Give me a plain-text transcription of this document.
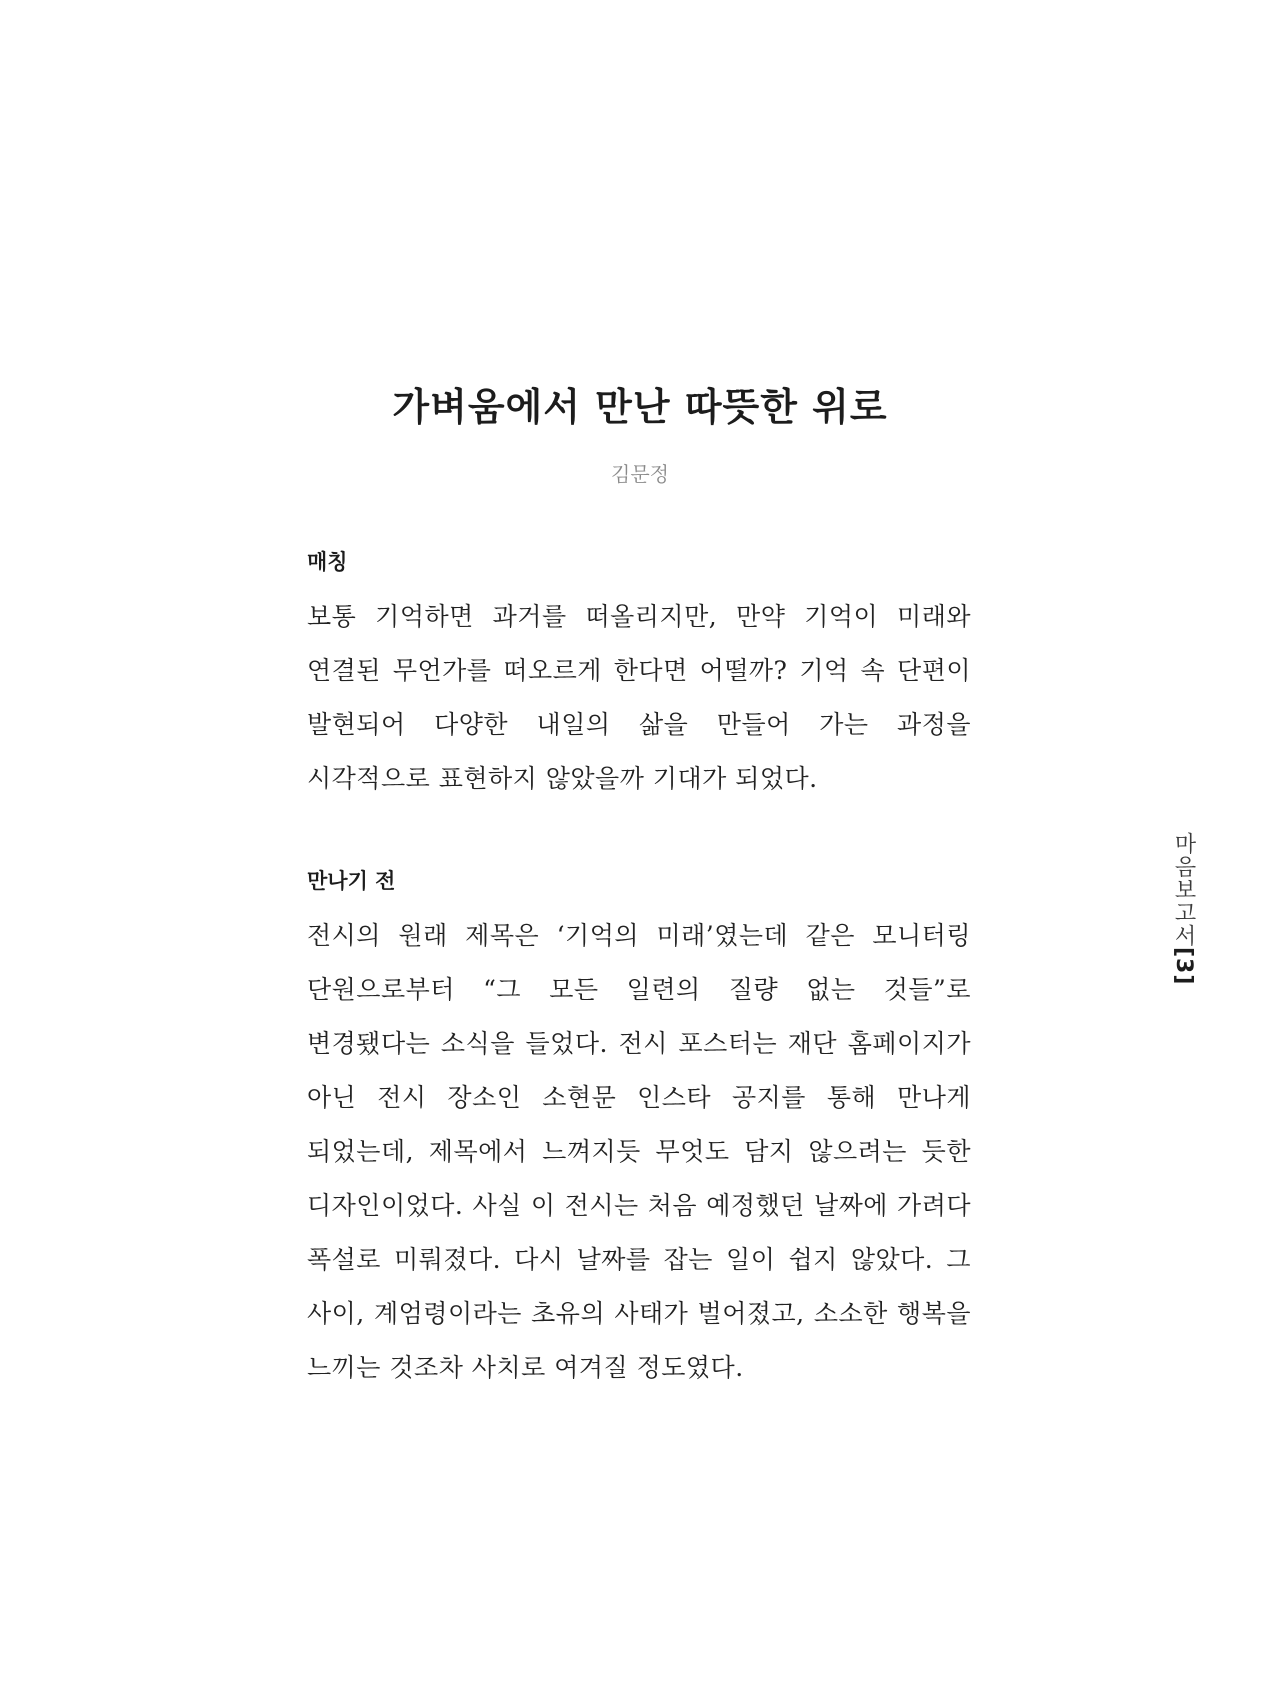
가벼움에서 만난 따뜻한 위로

김문정

매칭

보통 기억하면 과거를 떠올리지만, 만약 기억이 미래와 연결된 무언가를 떠오르게 한다면 어떨까? 기억 속 단편이 발현되어 다양한 내일의 삶을 만들어 가는 과정을 시각적으로 표현하지 않았을까 기대가 되었다.

만나기 전

전시의 원래 제목은 ‘기억의 미래’였는데 같은 모니터링 단원으로부터 “그 모든 일련의 질량 없는 것들”로 변경됐다는 소식을 들었다. 전시 포스터는 재단 홈페이지가 아닌 전시 장소인 소현문 인스타 공지를 통해 만나게 되었는데, 제목에서 느껴지듯 무엇도 담지 않으려는 듯한 디자인이었다. 사실 이 전시는 처음 예정했던 날짜에 가려다 폭설로 미뤄졌다. 다시 날짜를 잡는 일이 쉽지 않았다. 그 사이, 계엄령이라는 초유의 사태가 벌어졌고, 소소한 행복을 느끼는 것조차 사치로 여겨질 정도였다.

마음보고서[3]
